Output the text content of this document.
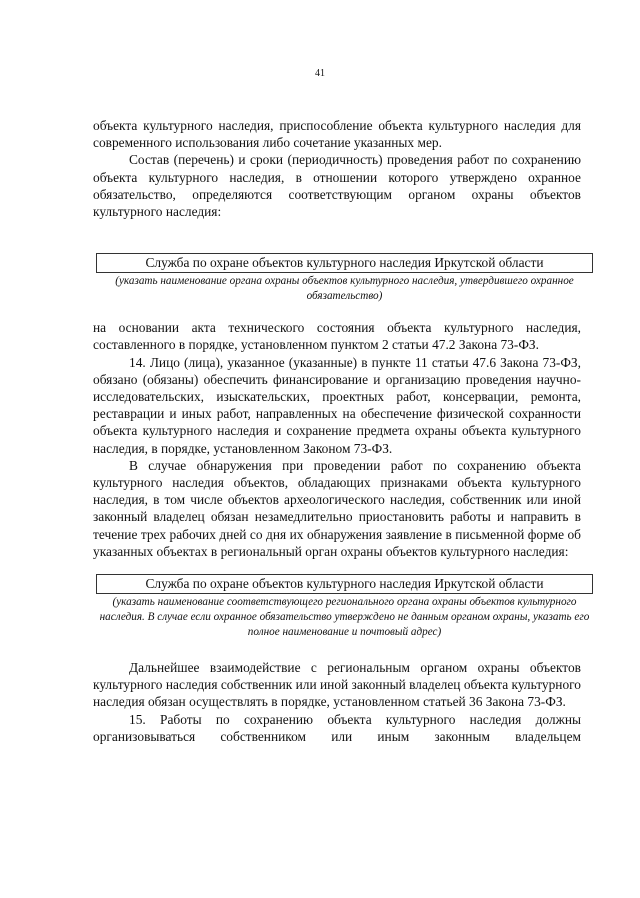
41

объекта культурного наследия, приспособление объекта культурного наследия для современного использования либо сочетание указанных мер.

Состав (перечень) и сроки (периодичность) проведения работ по сохранению объекта культурного наследия, в отношении которого утверждено охранное обязательство, определяются соответствующим органом охраны объектов культурного наследия:

Служба по охране объектов культурного наследия Иркутской области
(указать наименование органа охраны объектов культурного наследия, утвердившего охранное обязательство)

на основании акта технического состояния объекта культурного наследия, составленного в порядке, установленном пунктом 2 статьи 47.2 Закона 73-ФЗ.

14. Лицо (лица), указанное (указанные) в пункте 11 статьи 47.6 Закона 73-ФЗ, обязано (обязаны) обеспечить финансирование и организацию проведения научно-исследовательских, изыскательских, проектных работ, консервации, ремонта, реставрации и иных работ, направленных на обеспечение физической сохранности объекта культурного наследия и сохранение предмета охраны объекта культурного наследия, в порядке, установленном Законом 73-ФЗ.

В случае обнаружения при проведении работ по сохранению объекта культурного наследия объектов, обладающих признаками объекта культурного наследия, в том числе объектов археологического наследия, собственник или иной законный владелец обязан незамедлительно приостановить работы и направить в течение трех рабочих дней со дня их обнаружения заявление в письменной форме об указанных объектах в региональный орган охраны объектов культурного наследия:

Служба по охране объектов культурного наследия Иркутской области
(указать наименование соответствующего регионального органа охраны объектов культурного наследия. В случае если охранное обязательство утверждено не данным органом охраны, указать его полное наименование и почтовый адрес)

Дальнейшее взаимодействие с региональным органом охраны объектов культурного наследия собственник или иной законный владелец объекта культурного наследия обязан осуществлять в порядке, установленном статьей 36 Закона 73-ФЗ.

15. Работы по сохранению объекта культурного наследия должны организовываться собственником или иным законным владельцем
